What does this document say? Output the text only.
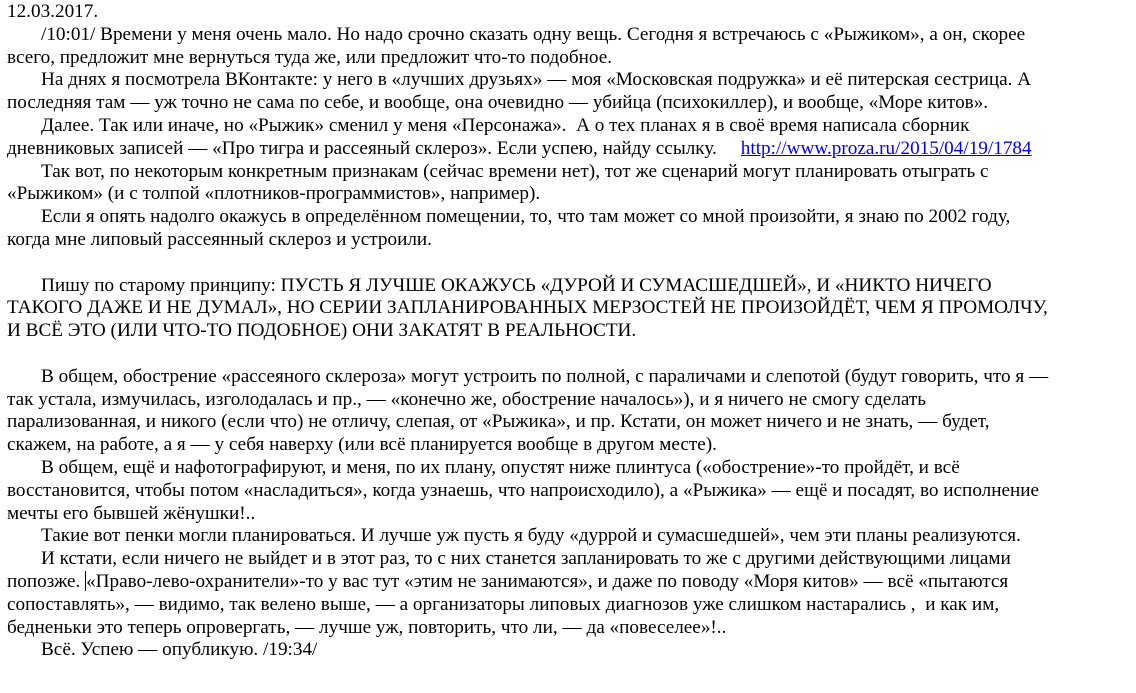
12.03.2017.
/10:01/ Времени у меня очень мало. Но надо срочно сказать одну вещь. Сегодня я встречаюсь с «Рыжиком», а он, скорее
всего, предложит мне вернуться туда же, или предложит что-то подобное.
На днях я посмотрела ВКонтакте: у него в «лучших друзьях» — моя «Московская подружка» и её питерская сестрица. А
последняя там — уж точно не сама по себе, и вообще, она очевидно — убийца (психокиллер), и вообще, «Море китов».
Далее. Так или иначе, но «Рыжик» сменил у меня «Персонажа».  А о тех планах я в своё время написала сборник
дневниковых записей — «Про тигра и рассеяный склероз». Если успею, найду ссылку.     http://www.proza.ru/2015/04/19/1784
Так вот, по некоторым конкретным признакам (сейчас времени нет), тот же сценарий могут планировать отыграть с
«Рыжиком» (и с толпой «плотников-программистов», например).
Если я опять надолго окажусь в определённом помещении, то, что там может со мной произойти, я знаю по 2002 году,
когда мне липовый рассеянный склероз и устроили.
Пишу по старому принципу: ПУСТЬ Я ЛУЧШЕ ОКАЖУСЬ «ДУРОЙ И СУМАСШЕДШЕЙ», И «НИКТО НИЧЕГО
ТАКОГО ДАЖЕ И НЕ ДУМАЛ», НО СЕРИИ ЗАПЛАНИРОВАННЫХ МЕРЗОСТЕЙ НЕ ПРОИЗОЙДЁТ, ЧЕМ Я ПРОМОЛЧУ,
И ВСЁ ЭТО (ИЛИ ЧТО-ТО ПОДОБНОЕ) ОНИ ЗАКАТЯТ В РЕАЛЬНОСТИ.
В общем, обострение «рассеяного склероза» могут устроить по полной, с параличами и слепотой (будут говорить, что я —
так устала, измучилась, изголодалась и пр., — «конечно же, обострение началось»), и я ничего не смогу сделать
парализованная, и никого (если что) не отличу, слепая, от «Рыжика», и пр. Кстати, он может ничего и не знать, — будет,
скажем, на работе, а я — у себя наверху (или всё планируется вообще в другом месте).
В общем, ещё и нафотографируют, и меня, по их плану, опустят ниже плинтуса («обострение»-то пройдёт, и всё
восстановится, чтобы потом «насладиться», когда узнаешь, что напроисходило), а «Рыжика» — ещё и посадят, во исполнение
мечты его бывшей жёнушки!..
Такие вот пенки могли планироваться. И лучше уж пусть я буду «дуррой и сумасшедшей», чем эти планы реализуются.
И кстати, если ничего не выйдет и в этот раз, то с них станется запланировать то же с другими действующими лицами
попозже. «Право-лево-охранители»-то у вас тут «этим не занимаются», и даже по поводу «Моря китов» — всё «пытаются
сопоставлять», — видимо, так велено выше, — а организаторы липовых диагнозов уже слишком настарались ,  и как им,
бедненьки это теперь опровергать, — лучше уж, повторить, что ли, — да «повеселее»!..
Всё. Успею — опубликую. /19:34/
